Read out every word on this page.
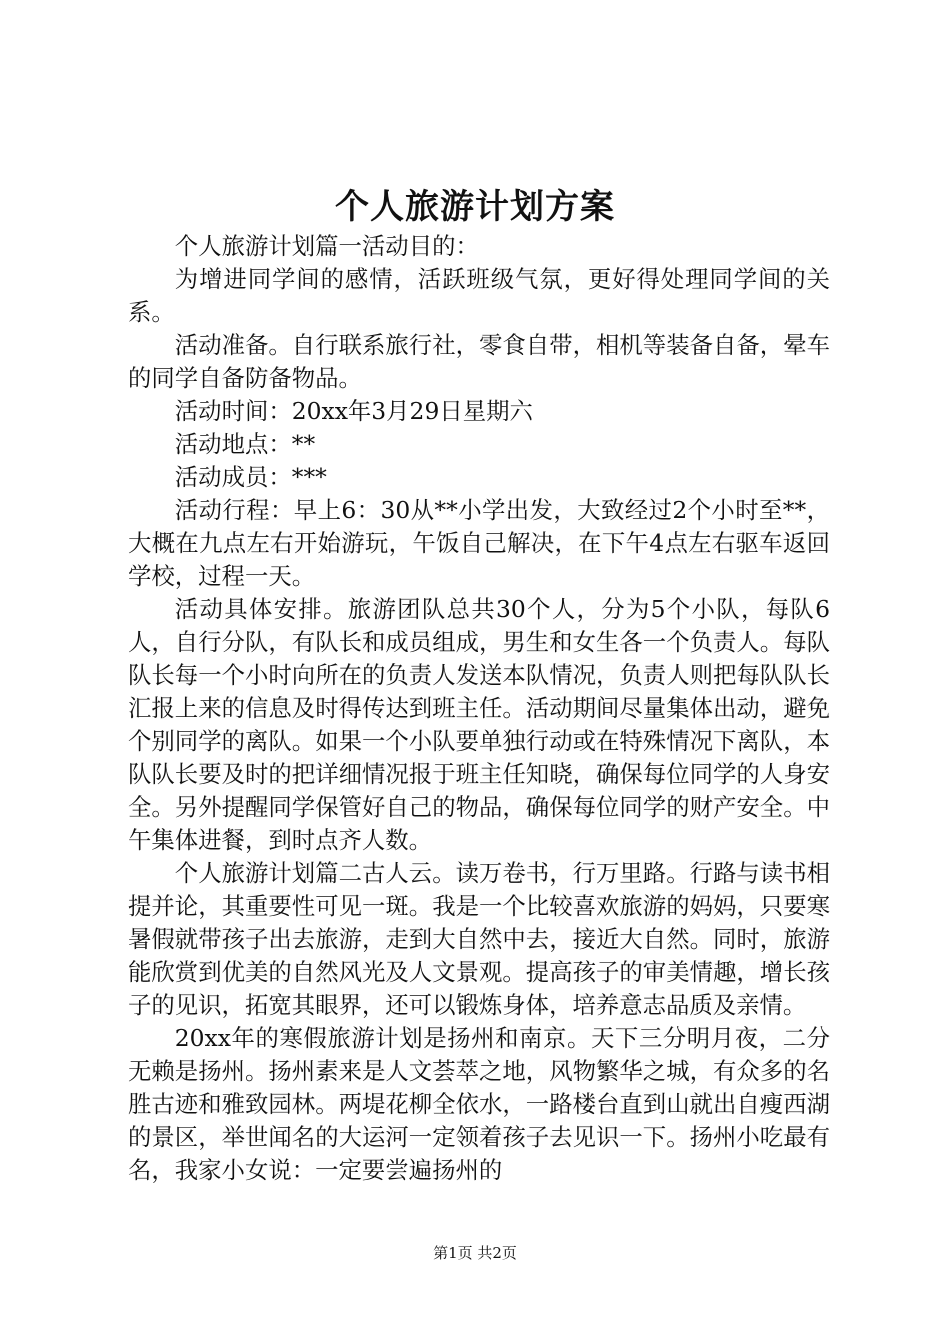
个人旅游计划方案

个人旅游计划篇一活动目的：

为增进同学间的感情，活跃班级气氛，更好得处理同学间的关系。

活动准备。自行联系旅行社，零食自带，相机等装备自备，晕车的同学自备防备物品。

活动时间：20xx年3月29日星期六

活动地点：**

活动成员：***

活动行程：早上6：30从**小学出发，大致经过2个小时至**，大概在九点左右开始游玩，午饭自己解决，在下午4点左右驱车返回学校，过程一天。

活动具体安排。旅游团队总共30个人，分为5个小队，每队6人，自行分队，有队长和成员组成，男生和女生各一个负责人。每队队长每一个小时向所在的负责人发送本队情况，负责人则把每队队长汇报上来的信息及时得传达到班主任。活动期间尽量集体出动，避免个别同学的离队。如果一个小队要单独行动或在特殊情况下离队，本队队长要及时的把详细情况报于班主任知晓，确保每位同学的人身安全。另外提醒同学保管好自己的物品，确保每位同学的财产安全。中午集体进餐，到时点齐人数。

个人旅游计划篇二古人云。读万卷书，行万里路。行路与读书相提并论，其重要性可见一斑。我是一个比较喜欢旅游的妈妈，只要寒暑假就带孩子出去旅游，走到大自然中去，接近大自然。同时，旅游能欣赏到优美的自然风光及人文景观。提高孩子的审美情趣，增长孩子的见识，拓宽其眼界，还可以锻炼身体，培养意志品质及亲情。

20xx年的寒假旅游计划是扬州和南京。天下三分明月夜，二分无赖是扬州。扬州素来是人文荟萃之地，风物繁华之城，有众多的名胜古迹和雅致园林。两堤花柳全依水，一路楼台直到山就出自瘦西湖的景区，举世闻名的大运河一定领着孩子去见识一下。扬州小吃最有名，我家小女说：一定要尝遍扬州的

第1页 共2页
